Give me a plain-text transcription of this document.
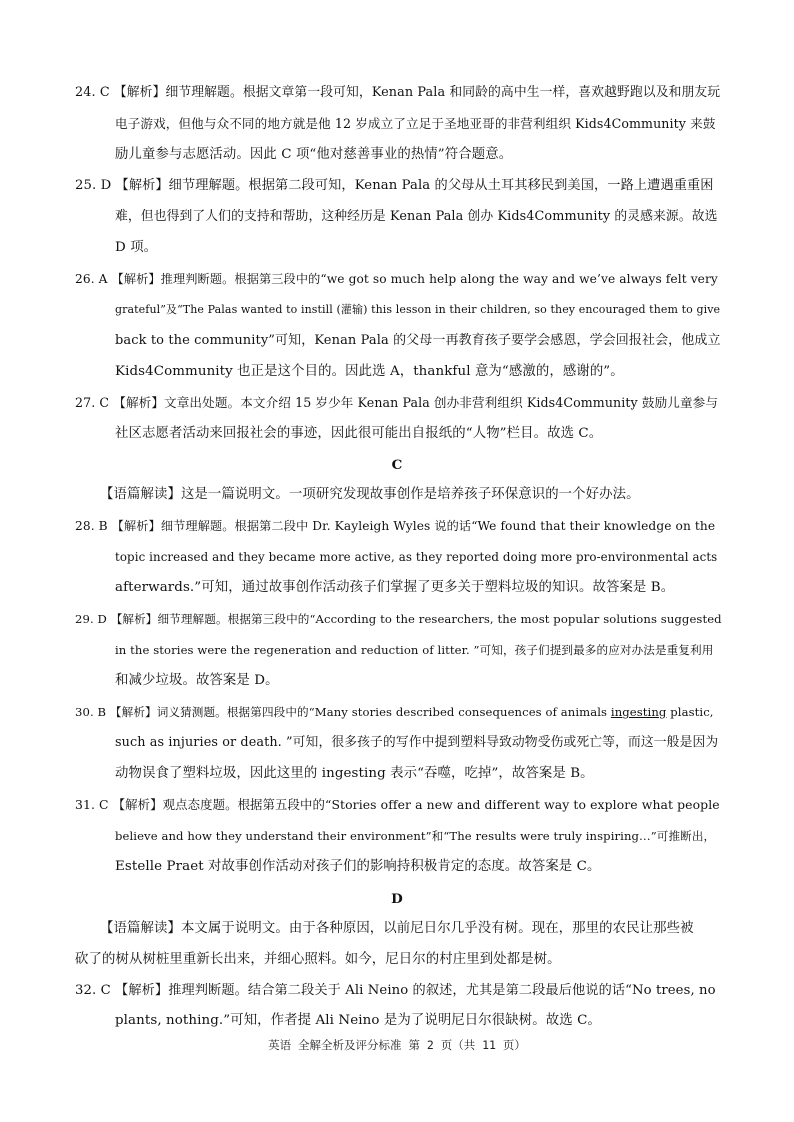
24. C 【解析】细节理解题。根据文章第一段可知，Kenan Pala 和同龄的高中生一样，喜欢越野跑以及和朋友玩
电子游戏，但他与众不同的地方就是他 12 岁成立了立足于圣地亚哥的非营利组织 Kids4Community 来鼓
励儿童参与志愿活动。因此 C 项“他对慈善事业的热情”符合题意。
25. D 【解析】细节理解题。根据第二段可知，Kenan Pala 的父母从土耳其移民到美国，一路上遭遇重重困
难，但也得到了人们的支持和帮助，这种经历是 Kenan Pala 创办 Kids4Community 的灵感来源。故选
D 项。
26. A 【解析】推理判断题。根据第三段中的“we got so much help along the way and we’ve always felt very
grateful”及“The Palas wanted to instill (灌输) this lesson in their children, so they encouraged them to give
back to the community”可知，Kenan Pala 的父母一再教育孩子要学会感恩，学会回报社会，他成立
Kids4Community 也正是这个目的。因此选 A，thankful 意为“感激的，感谢的”。
27. C 【解析】文章出处题。本文介绍 15 岁少年 Kenan Pala 创办非营利组织 Kids4Community 鼓励儿童参与
社区志愿者活动来回报社会的事迹，因此很可能出自报纸的“人物”栏目。故选 C。
C
【语篇解读】这是一篇说明文。一项研究发现故事创作是培养孩子环保意识的一个好办法。
28. B 【解析】细节理解题。根据第二段中 Dr. Kayleigh Wyles 说的话“We found that their knowledge on the
topic increased and they became more active, as they reported doing more pro-environmental acts
afterwards.”可知，通过故事创作活动孩子们掌握了更多关于塑料垃圾的知识。故答案是 B。
29. D 【解析】细节理解题。根据第三段中的“According to the researchers, the most popular solutions suggested
in the stories were the regeneration and reduction of litter. ”可知，孩子们提到最多的应对办法是重复利用
和减少垃圾。故答案是 D。
30. B 【解析】词义猜测题。根据第四段中的“Many stories described consequences of animals ingesting plastic,
such as injuries or death. ”可知，很多孩子的写作中提到塑料导致动物受伤或死亡等，而这一般是因为
动物误食了塑料垃圾，因此这里的 ingesting 表示“吞噬，吃掉”，故答案是 B。
31. C 【解析】观点态度题。根据第五段中的“Stories offer a new and different way to explore what people
believe and how they understand their environment”和“The results were truly inspiring…”可推断出，
Estelle Praet 对故事创作活动对孩子们的影响持积极肯定的态度。故答案是 C。
D
【语篇解读】本文属于说明文。由于各种原因，以前尼日尔几乎没有树。现在，那里的农民让那些被
砍了的树从树桩里重新长出来，并细心照料。如今，尼日尔的村庄里到处都是树。
32. C 【解析】推理判断题。结合第二段关于 Ali Neino 的叙述，尤其是第二段最后他说的话“No trees, no
plants, nothing.”可知，作者提 Ali Neino 是为了说明尼日尔很缺树。故选 C。
英语 全解全析及评分标准 第 2 页（共 11 页）
